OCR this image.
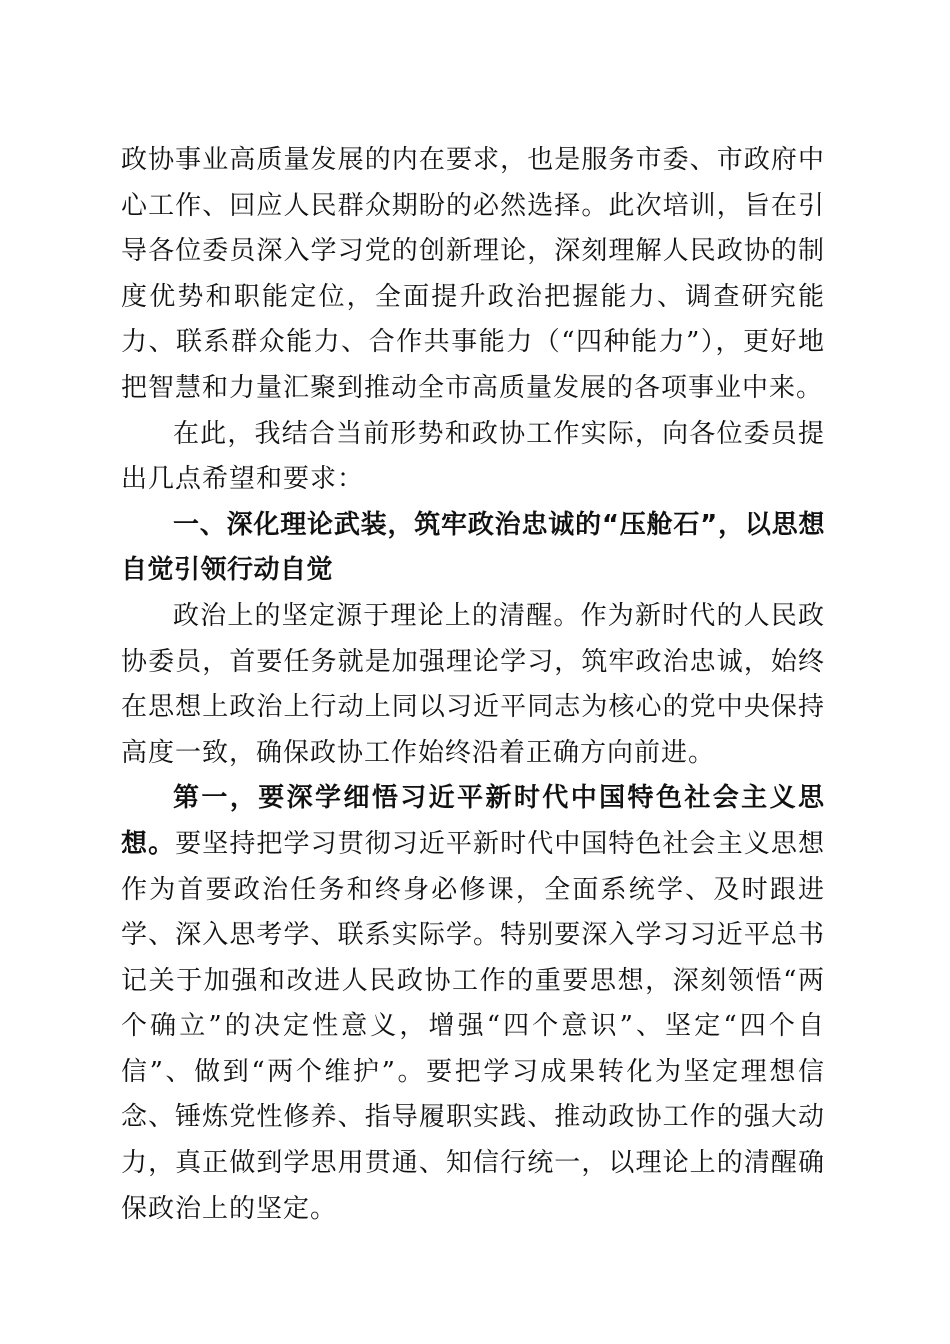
政协事业高质量发展的内在要求，也是服务市委、市政府中心工作、回应人民群众期盼的必然选择。此次培训，旨在引导各位委员深入学习党的创新理论，深刻理解人民政协的制度优势和职能定位，全面提升政治把握能力、调查研究能力、联系群众能力、合作共事能力（“四种能力”），更好地把智慧和力量汇聚到推动全市高质量发展的各项事业中来。

在此，我结合当前形势和政协工作实际，向各位委员提出几点希望和要求：

一、深化理论武装，筑牢政治忠诚的“压舱石”，以思想自觉引领行动自觉

政治上的坚定源于理论上的清醒。作为新时代的人民政协委员，首要任务就是加强理论学习，筑牢政治忠诚，始终在思想上政治上行动上同以习近平同志为核心的党中央保持高度一致，确保政协工作始终沿着正确方向前进。

第一，要深学细悟习近平新时代中国特色社会主义思想。要坚持把学习贯彻习近平新时代中国特色社会主义思想作为首要政治任务和终身必修课，全面系统学、及时跟进学、深入思考学、联系实际学。特别要深入学习习近平总书记关于加强和改进人民政协工作的重要思想，深刻领悟“两个确立”的决定性意义，增强“四个意识”、坚定“四个自信”、做到“两个维护”。要把学习成果转化为坚定理想信念、锤炼党性修养、指导履职实践、推动政协工作的强大动力，真正做到学思用贯通、知信行统一，以理论上的清醒确保政治上的坚定。
